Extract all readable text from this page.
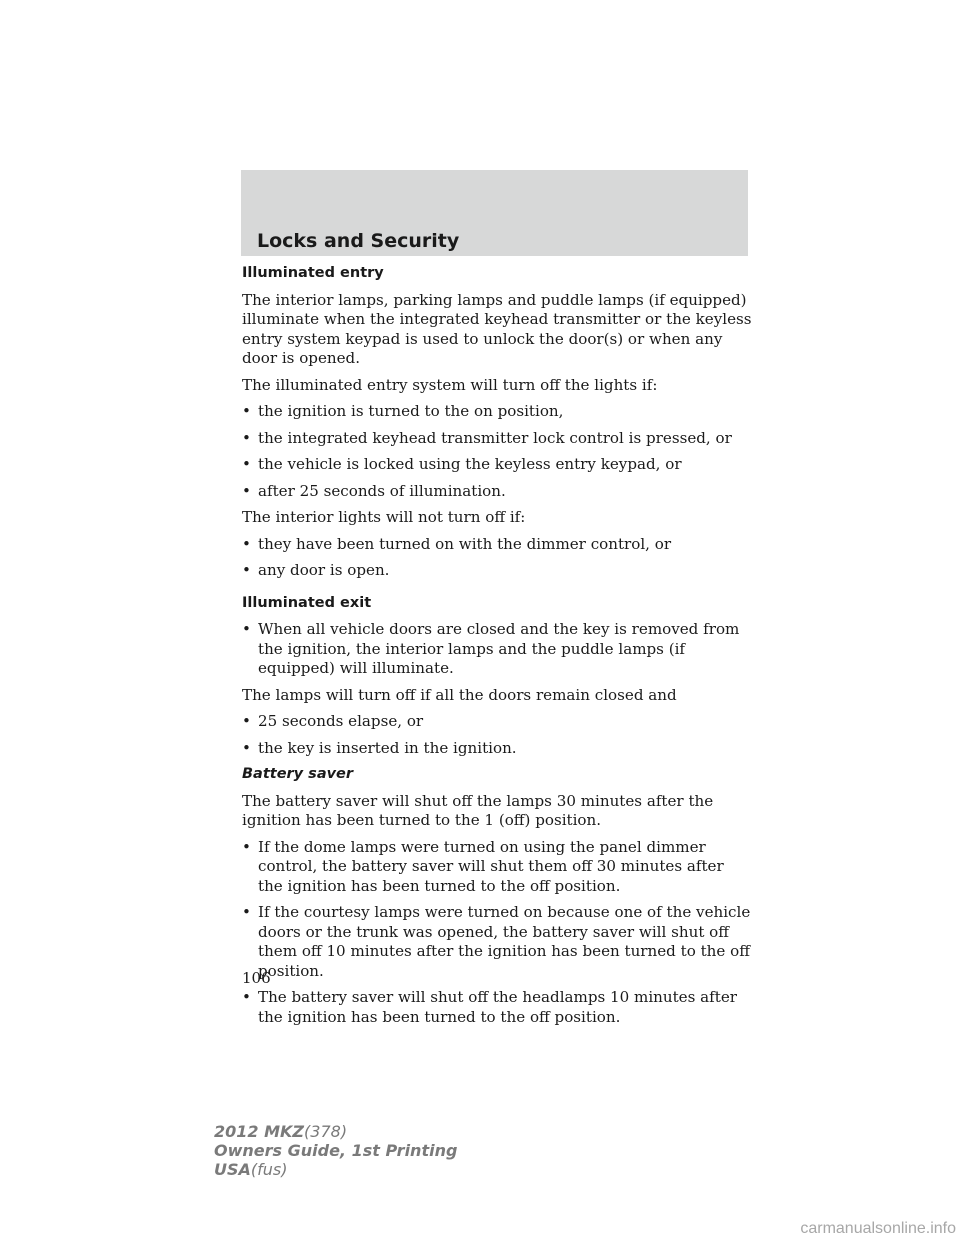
Locks and Security
Illuminated entry

The interior lamps, parking lamps and puddle lamps (if equipped) illuminate when the integrated keyhead transmitter or the keyless entry system keypad is used to unlock the door(s) or when any door is opened.

The illuminated entry system will turn off the lights if:

• the ignition is turned to the on position,
• the integrated keyhead transmitter lock control is pressed, or
• the vehicle is locked using the keyless entry keypad, or
• after 25 seconds of illumination.

The interior lights will not turn off if:

• they have been turned on with the dimmer control, or
• any door is open.
Illuminated exit
• When all vehicle doors are closed and the key is removed from the ignition, the interior lamps and the puddle lamps (if equipped) will illuminate.

The lamps will turn off if all the doors remain closed and

• 25 seconds elapse, or
• the key is inserted in the ignition.
Battery saver

The battery saver will shut off the lamps 30 minutes after the ignition has been turned to the 1 (off) position.

• If the dome lamps were turned on using the panel dimmer control, the battery saver will shut them off 30 minutes after the ignition has been turned to the off position.
• If the courtesy lamps were turned on because one of the vehicle doors or the trunk was opened, the battery saver will shut off them off 10 minutes after the ignition has been turned to the off position.
• The battery saver will shut off the headlamps 10 minutes after the ignition has been turned to the off position.
106
2012 MKZ(378)
Owners Guide, 1st Printing
USA(fus)
carmanualsonline.info
